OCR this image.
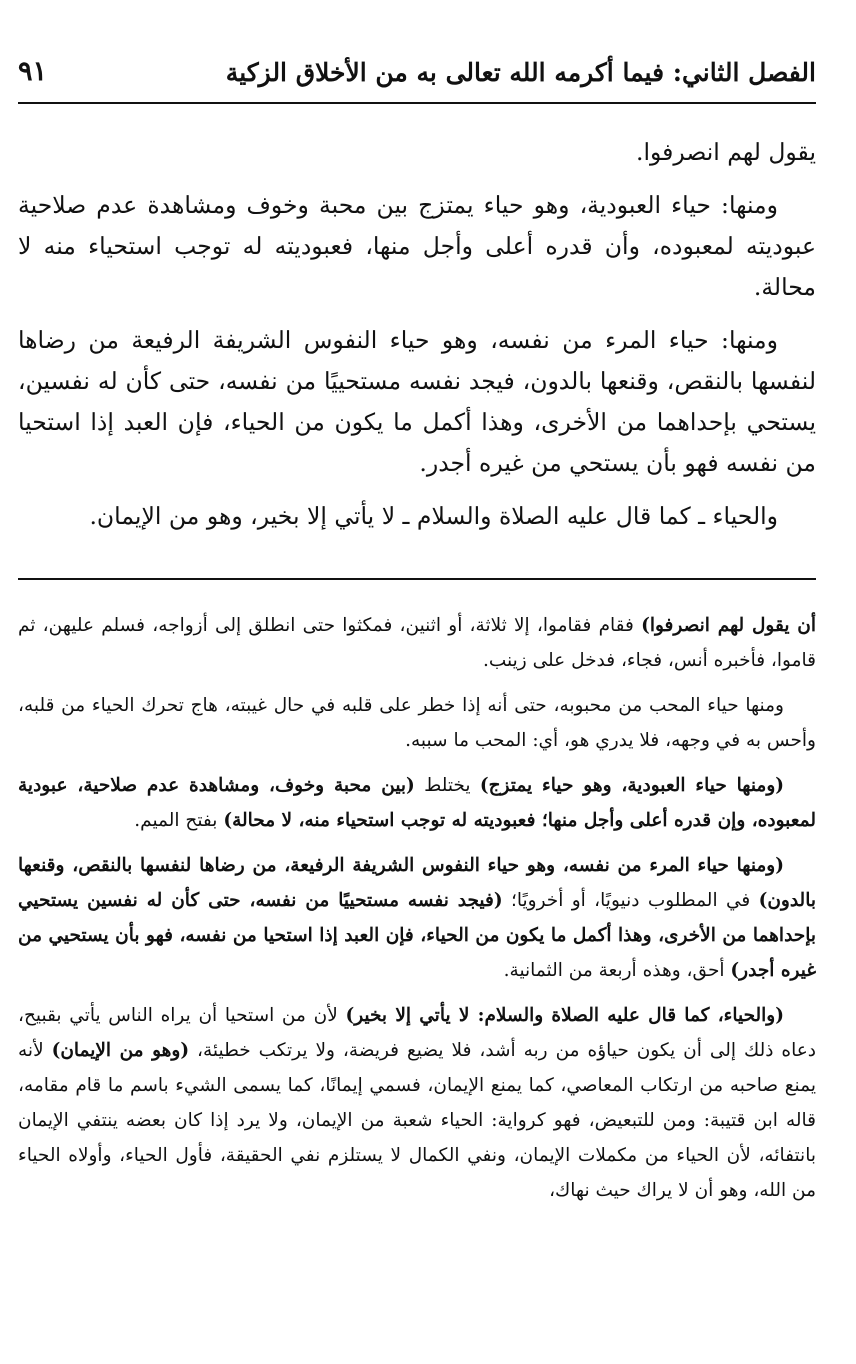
الفصل الثاني: فيما أكرمه الله تعالى به من الأخلاق الزكية
٩١

يقول لهم انصرفوا.

ومنها: حياء العبودية، وهو حياء يمتزج بين محبة وخوف ومشاهدة عدم صلاحية عبوديته لمعبوده، وأن قدره أعلى وأجل منها، فعبوديته له توجب استحياء منه لا محالة.

ومنها: حياء المرء من نفسه، وهو حياء النفوس الشريفة الرفيعة من رضاها لنفسها بالنقص، وقنعها بالدون، فيجد نفسه مستحييًا من نفسه، حتى كأن له نفسين، يستحي بإحداهما من الأخرى، وهذا أكمل ما يكون من الحياء، فإن العبد إذا استحيا من نفسه فهو بأن يستحي من غيره أجدر.

والحياء ـ كما قال عليه الصلاة والسلام ـ لا يأتي إلا بخير، وهو من الإيمان.

أن يقول لهم انصرفوا) فقام فقاموا، إلا ثلاثة، أو اثنين، فمكثوا حتى انطلق إلى أزواجه، فسلم عليهن، ثم قاموا، فأخبره أنس، فجاء، فدخل على زينب.

ومنها حياء المحب من محبوبه، حتى أنه إذا خطر على قلبه في حال غيبته، هاج تحرك الحياء من قلبه، وأحس به في وجهه، فلا يدري هو، أي: المحب ما سببه.

(ومنها حياء العبودية، وهو حياء يمتزج) يختلط (بين محبة وخوف، ومشاهدة عدم صلاحية، عبودية لمعبوده، وإن قدره أعلى وأجل منها؛ فعبوديته له توجب استحياء منه، لا محالة) بفتح الميم.

(ومنها حياء المرء من نفسه، وهو حياء النفوس الشريفة الرفيعة، من رضاها لنفسها بالنقص، وقنعها بالدون) في المطلوب دنيويًا، أو أخرويًا؛ (فيجد نفسه مستحييًا من نفسه، حتى كأن له نفسين يستحيي بإحداهما من الأخرى، وهذا أكمل ما يكون من الحياء، فإن العبد إذا استحيا من نفسه، فهو بأن يستحيي من غيره أجدر) أحق، وهذه أربعة من الثمانية.

(والحياء، كما قال عليه الصلاة والسلام: لا يأتي إلا بخير) لأن من استحيا أن يراه الناس يأتي بقبيح، دعاه ذلك إلى أن يكون حياؤه من ربه أشد، فلا يضيع فريضة، ولا يرتكب خطيئة، (وهو من الإيمان) لأنه يمنع صاحبه من ارتكاب المعاصي، كما يمنع الإيمان، فسمي إيمانًا، كما يسمى الشيء باسم ما قام مقامه، قاله ابن قتيبة: ومن للتبعيض، فهو كرواية: الحياء شعبة من الإيمان، ولا يرد إذا كان بعضه ينتفي الإيمان بانتفائه، لأن الحياء من مكملات الإيمان، ونفي الكمال لا يستلزم نفي الحقيقة، فأول الحياء، وأولاه الحياء من الله، وهو أن لا يراك حيث نهاك،
